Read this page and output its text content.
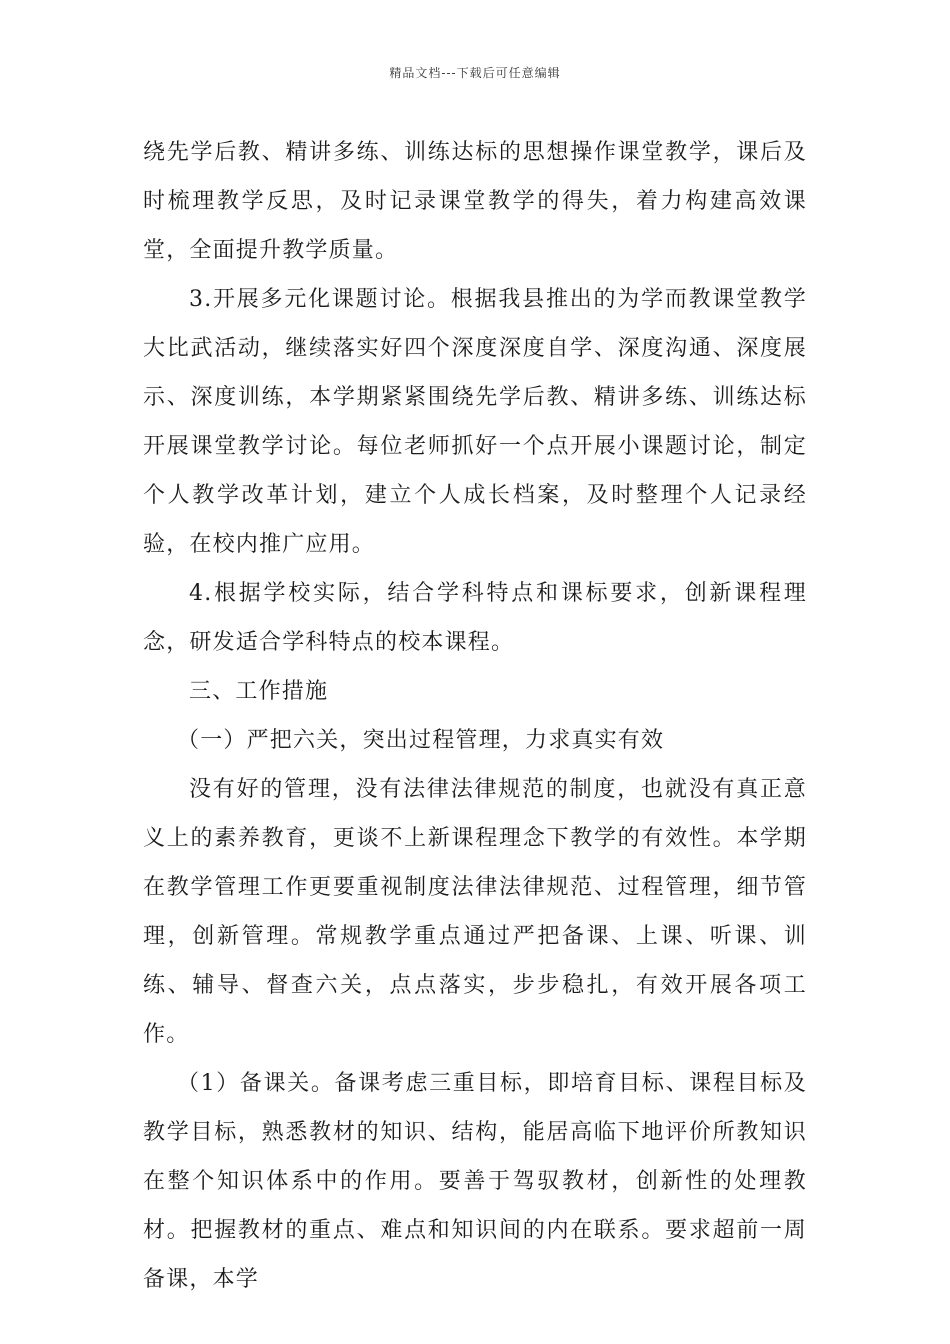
精品文档---下载后可任意编辑

绕先学后教、精讲多练、训练达标的思想操作课堂教学，课后及时梳理教学反思，及时记录课堂教学的得失，着力构建高效课堂，全面提升教学质量。

3.开展多元化课题讨论。根据我县推出的为学而教课堂教学大比武活动，继续落实好四个深度深度自学、深度沟通、深度展示、深度训练，本学期紧紧围绕先学后教、精讲多练、训练达标开展课堂教学讨论。每位老师抓好一个点开展小课题讨论，制定个人教学改革计划，建立个人成长档案，及时整理个人记录经验，在校内推广应用。

4.根据学校实际，结合学科特点和课标要求，创新课程理念，研发适合学科特点的校本课程。

三、工作措施

（一）严把六关，突出过程管理，力求真实有效

没有好的管理，没有法律法律规范的制度，也就没有真正意义上的素养教育，更谈不上新课程理念下教学的有效性。本学期在教学管理工作更要重视制度法律法律规范、过程管理，细节管理，创新管理。常规教学重点通过严把备课、上课、听课、训练、辅导、督查六关，点点落实，步步稳扎，有效开展各项工作。

（1）备课关。备课考虑三重目标，即培育目标、课程目标及教学目标，熟悉教材的知识、结构，能居高临下地评价所教知识在整个知识体系中的作用。要善于驾驭教材，创新性的处理教材。把握教材的重点、难点和知识间的内在联系。要求超前一周备课，本学
